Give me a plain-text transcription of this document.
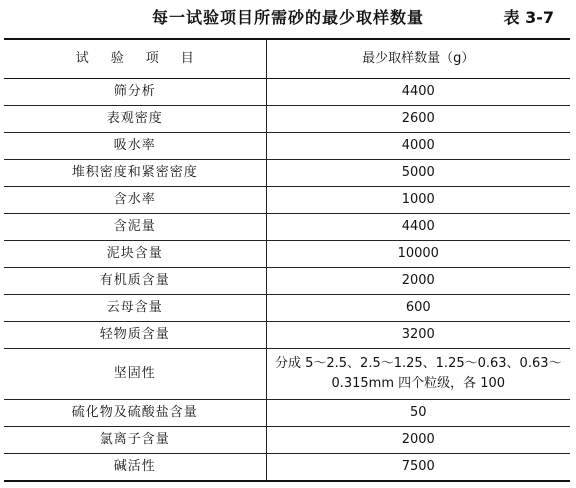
每一试验项目所需砂的最少取样数量	表 3-7
试验项目	最少取样数量（g）
筛分析	4400
表观密度	2600
吸水率	4000
堆积密度和紧密密度	5000
含水率	1000
含泥量	4400
泥块含量	10000
有机质含量	2000
云母含量	600
轻物质含量	3200
坚固性	分成 5～2.5、2.5～1.25、1.25～0.63、0.63～0.315mm 四个粒级，各 100
硫化物及硫酸盐含量	50
氯离子含量	2000
碱活性	7500
